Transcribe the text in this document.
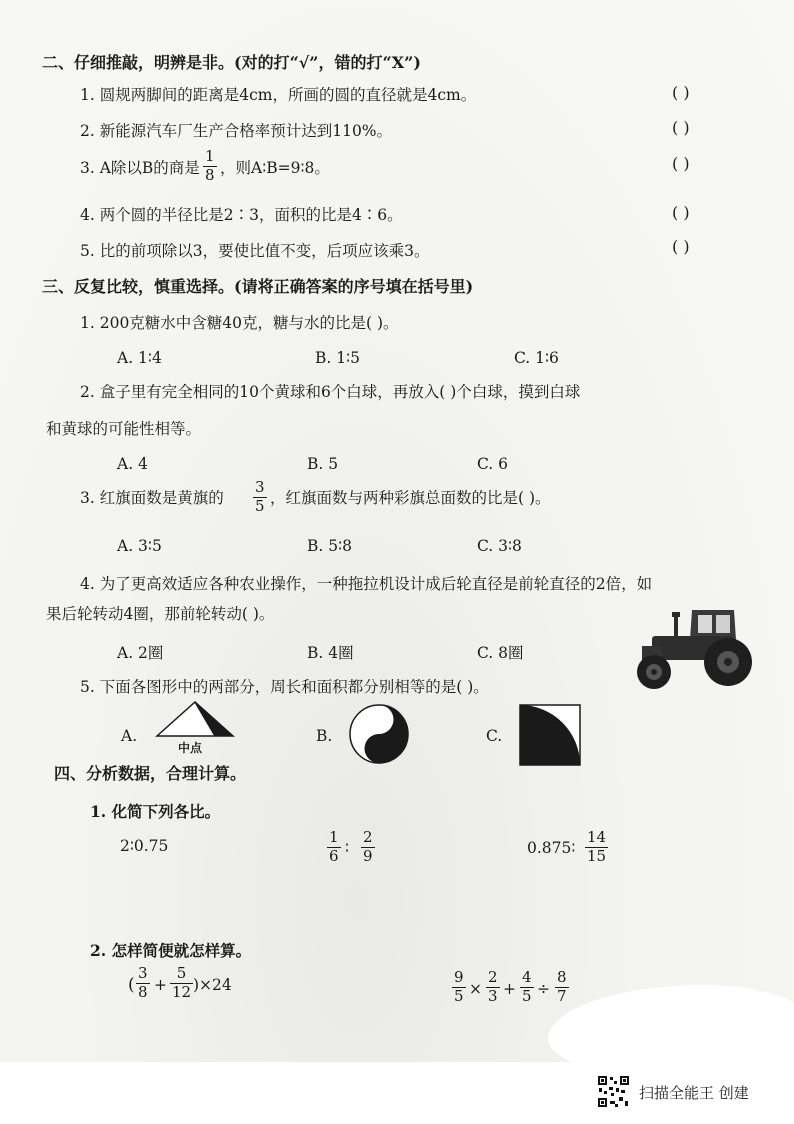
二、仔细推敲，明辨是非。(对的打“√”，错的打“X”)
1. 圆规两脚间的距离是4cm，所画的圆的直径就是4cm。	( )
2. 新能源汽车厂生产合格率预计达到110%。	( )
3. A除以B的商是
1
8 ，则A∶B=9∶8。	( )
4. 两个圆的半径比是2∶3，面积的比是4∶6。	( )
5. 比的前项除以3，要使比值不变，后项应该乘3。	( )
三、反复比较，慎重选择。(请将正确答案的序号填在括号里)
1. 200克糖水中含糖40克，糖与水的比是( )。
A. 1∶4	B. 1∶5	C. 1∶6
2. 盒子里有完全相同的10个黄球和6个白球，再放入( )个白球，摸到白球
和黄球的可能性相等。
A. 4	B. 5	C. 6
3. 红旗面数是黄旗的
3
5 ，红旗面数与两种彩旗总面数的比是( )。
A. 3∶5	B. 5∶8	C. 3∶8
4. 为了更高效适应各种农业操作，一种拖拉机设计成后轮直径是前轮直径的2倍，如
果后轮转动4圈，那前轮转动( )。
A. 2圈	B. 4圈	C. 8圈
5. 下面各图形中的两部分，周长和面积都分别相等的是( )。
A.
中点
B.	C.
四、分析数据，合理计算。
1. 化简下列各比。
2∶0.75	1
6 ∶
2
9	0.875∶
14
15
2. 怎样简便就怎样算。
(
3
8 +
5
12 )×24	9
5 ×
2
3 +
4
5 ÷
8
7
扫描全能王 创建
